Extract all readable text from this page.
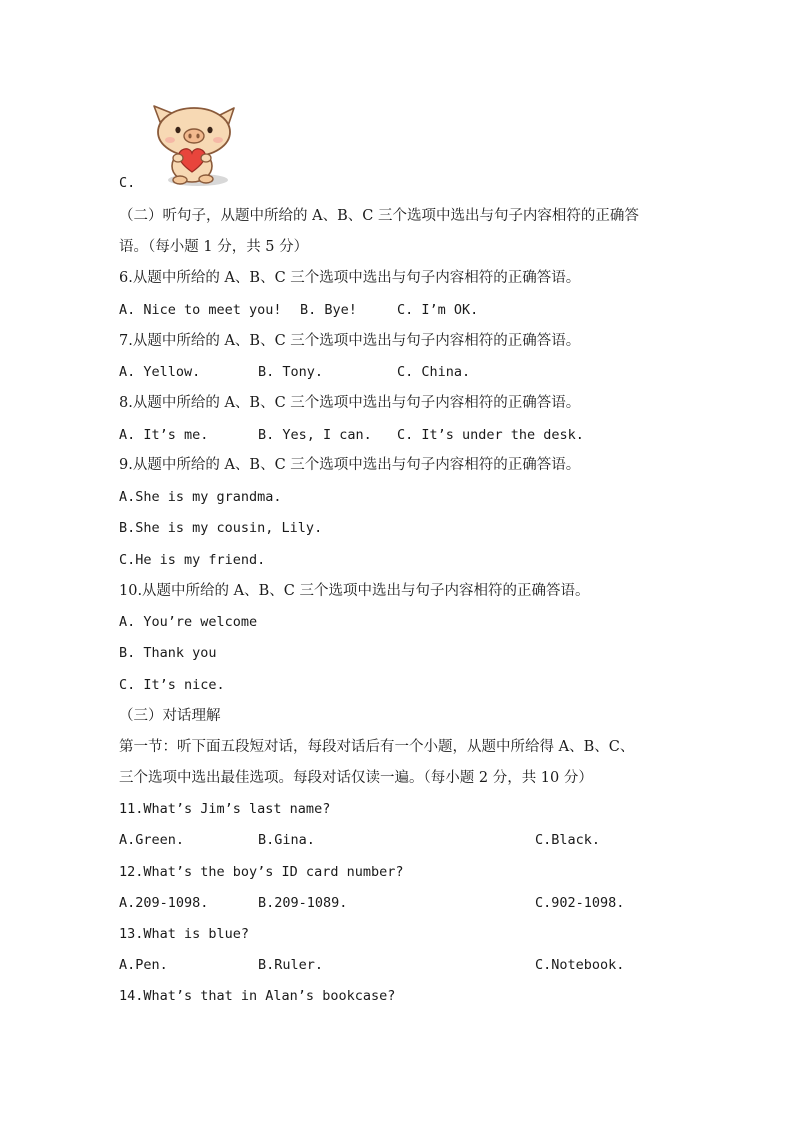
C.
（二）听句子，从题中所给的 A、B、C 三个选项中选出与句子内容相符的正确答
语。（每小题 1 分，共 5 分）
6.从题中所给的 A、B、C 三个选项中选出与句子内容相符的正确答语。
A. Nice to meet you! B. Bye!	C. I’m OK.
7.从题中所给的 A、B、C 三个选项中选出与句子内容相符的正确答语。
A. Yellow.	B. Tony.	C. China.
8.从题中所给的 A、B、C 三个选项中选出与句子内容相符的正确答语。
A. It’s me.	B. Yes, I can. C. It’s under the desk.
9.从题中所给的 A、B、C 三个选项中选出与句子内容相符的正确答语。
A.She is my grandma.
B.She is my cousin, Lily.
C.He is my friend.
10.从题中所给的 A、B、C 三个选项中选出与句子内容相符的正确答语。
A. You’re welcome
B. Thank you
C. It’s nice.
（三）对话理解
第一节：听下面五段短对话，每段对话后有一个小题，从题中所给得 A、B、C、
三个选项中选出最佳选项。每段对话仅读一遍。（每小题 2 分，共 10 分）
11.What’s Jim’s last name?
A.Green.	B.Gina.	C.Black.
12.What’s the boy’s ID card number?
A.209-1098.	B.209-1089.	C.902-1098.
13.What is blue?
A.Pen.	B.Ruler.	C.Notebook.
14.What’s that in Alan’s bookcase?
